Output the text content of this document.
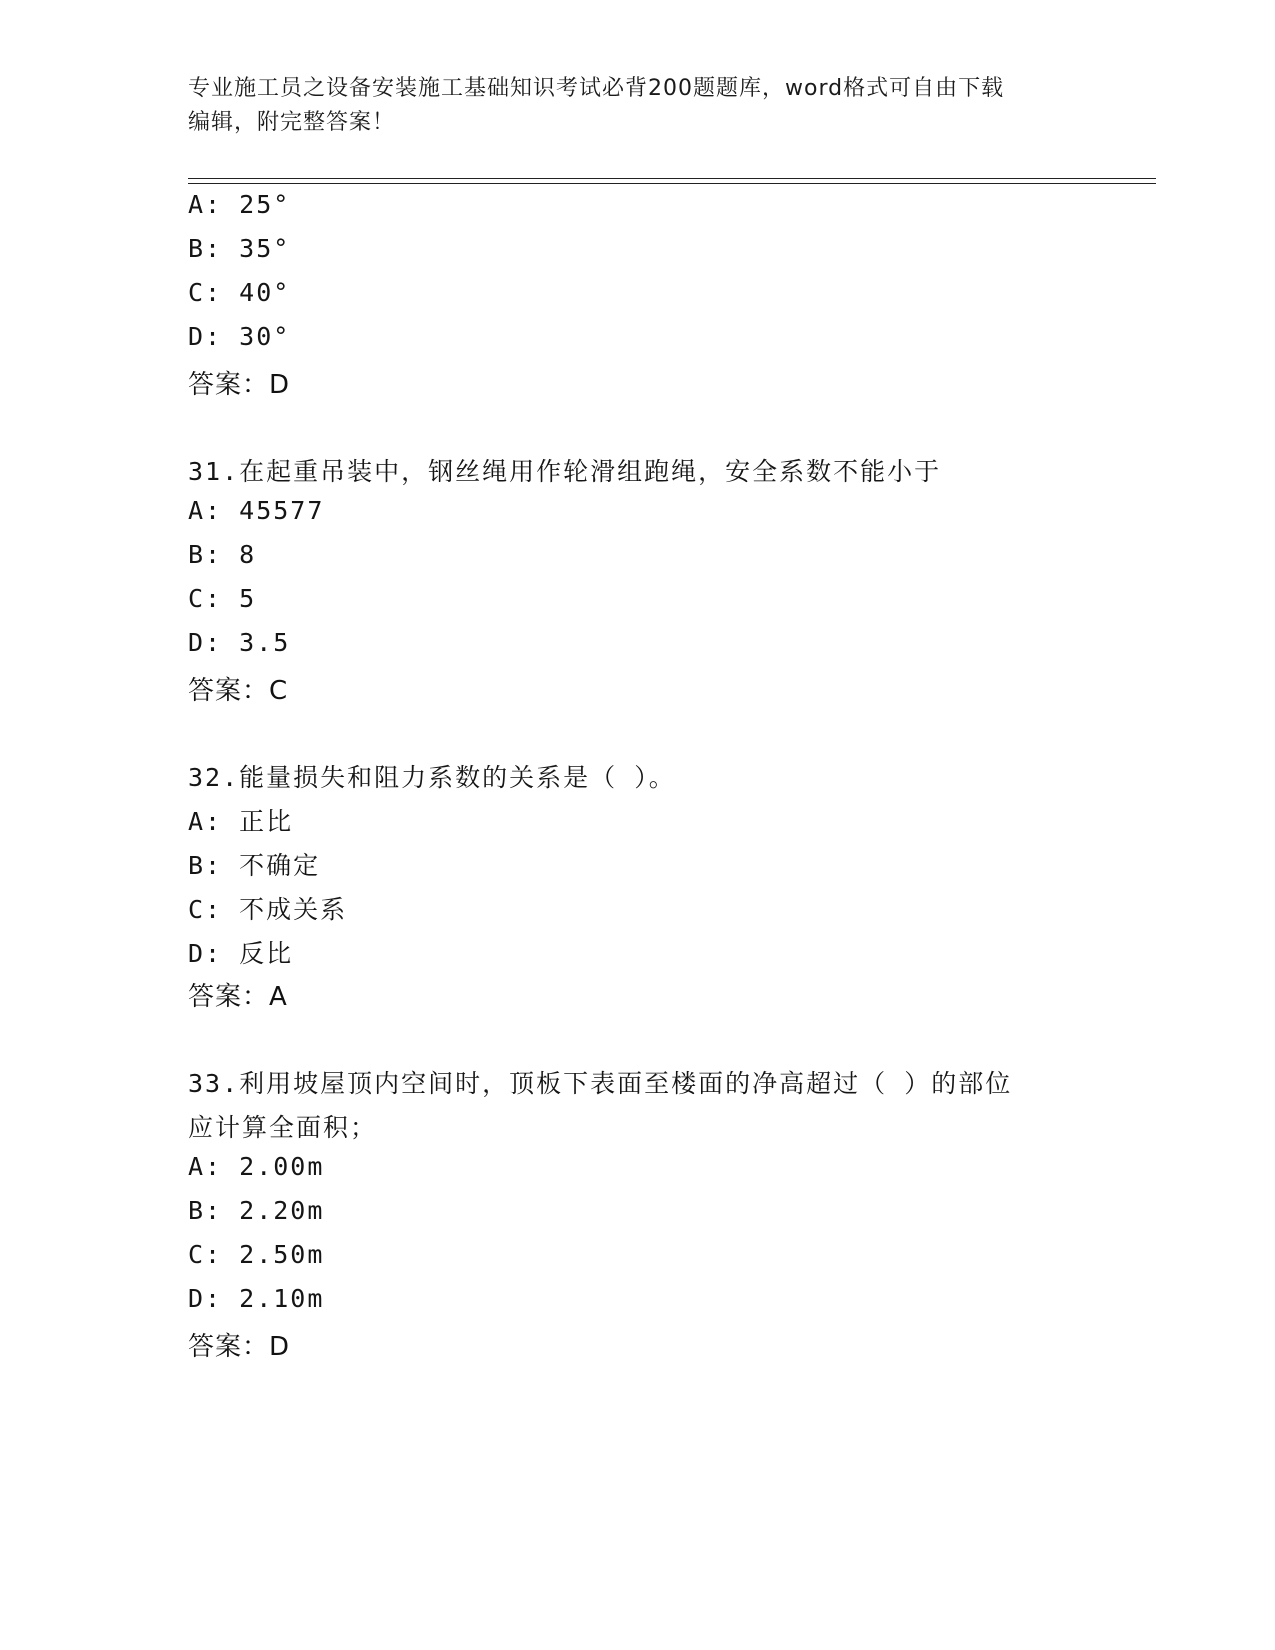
专业施工员之设备安装施工基础知识考试必背200题题库，word格式可自由下载
编辑，附完整答案！
A: 25°
B: 35°
C: 40°
D: 30°
答案：D
31.在起重吊装中，钢丝绳用作轮滑组跑绳，安全系数不能小于
A: 45577
B: 8
C: 5
D: 3.5
答案：C
32.能量损失和阻力系数的关系是（ ）。
A: 正比
B: 不确定
C: 不成关系
D: 反比
答案：A
33.利用坡屋顶内空间时，顶板下表面至楼面的净高超过（ ）的部位
应计算全面积；
A: 2.00m
B: 2.20m
C: 2.50m
D: 2.10m
答案：D
